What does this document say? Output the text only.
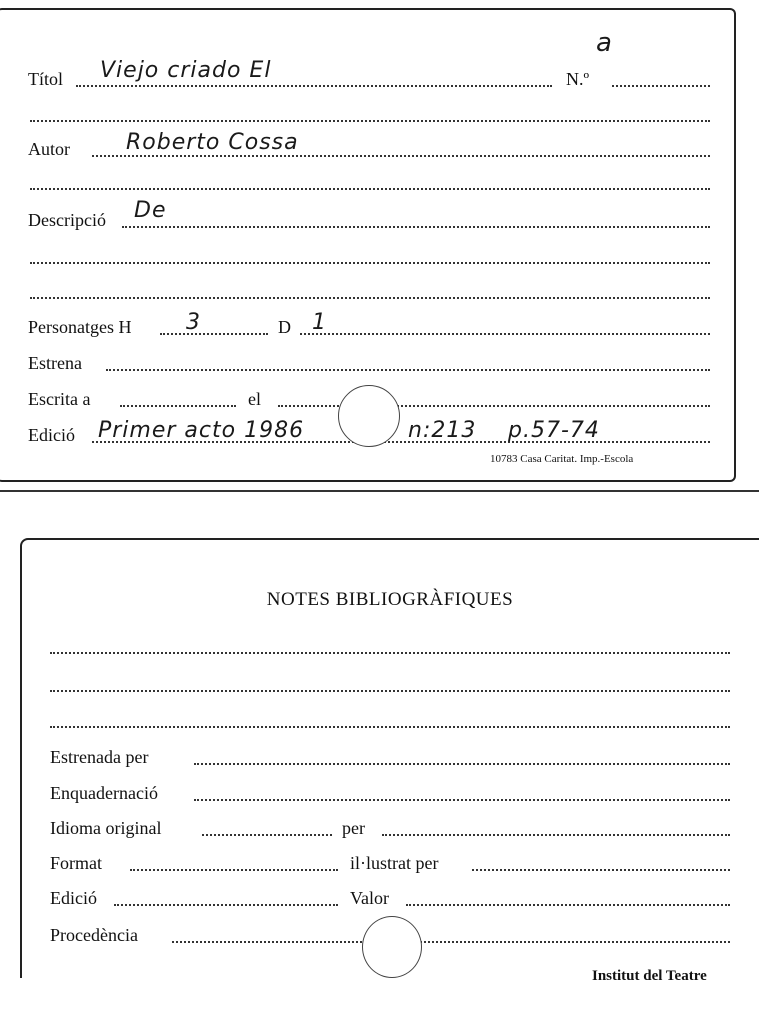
a
Títol Viejo criado El	N.º
Autor	Roberto Cossa
Descripció De
Personatges H 3	D 1
Estrena
Escrita a	el
Edició Primer acto 1986	n:213 p.57-74
10783 Casa Caritat. Imp.-Escola
NOTES BIBLIOGRÀFIQUES
Estrenada per
Enquadernació
Idioma original	per
Format	il·lustrat per
Edició	Valor
Procedència
Institut del Teatre
